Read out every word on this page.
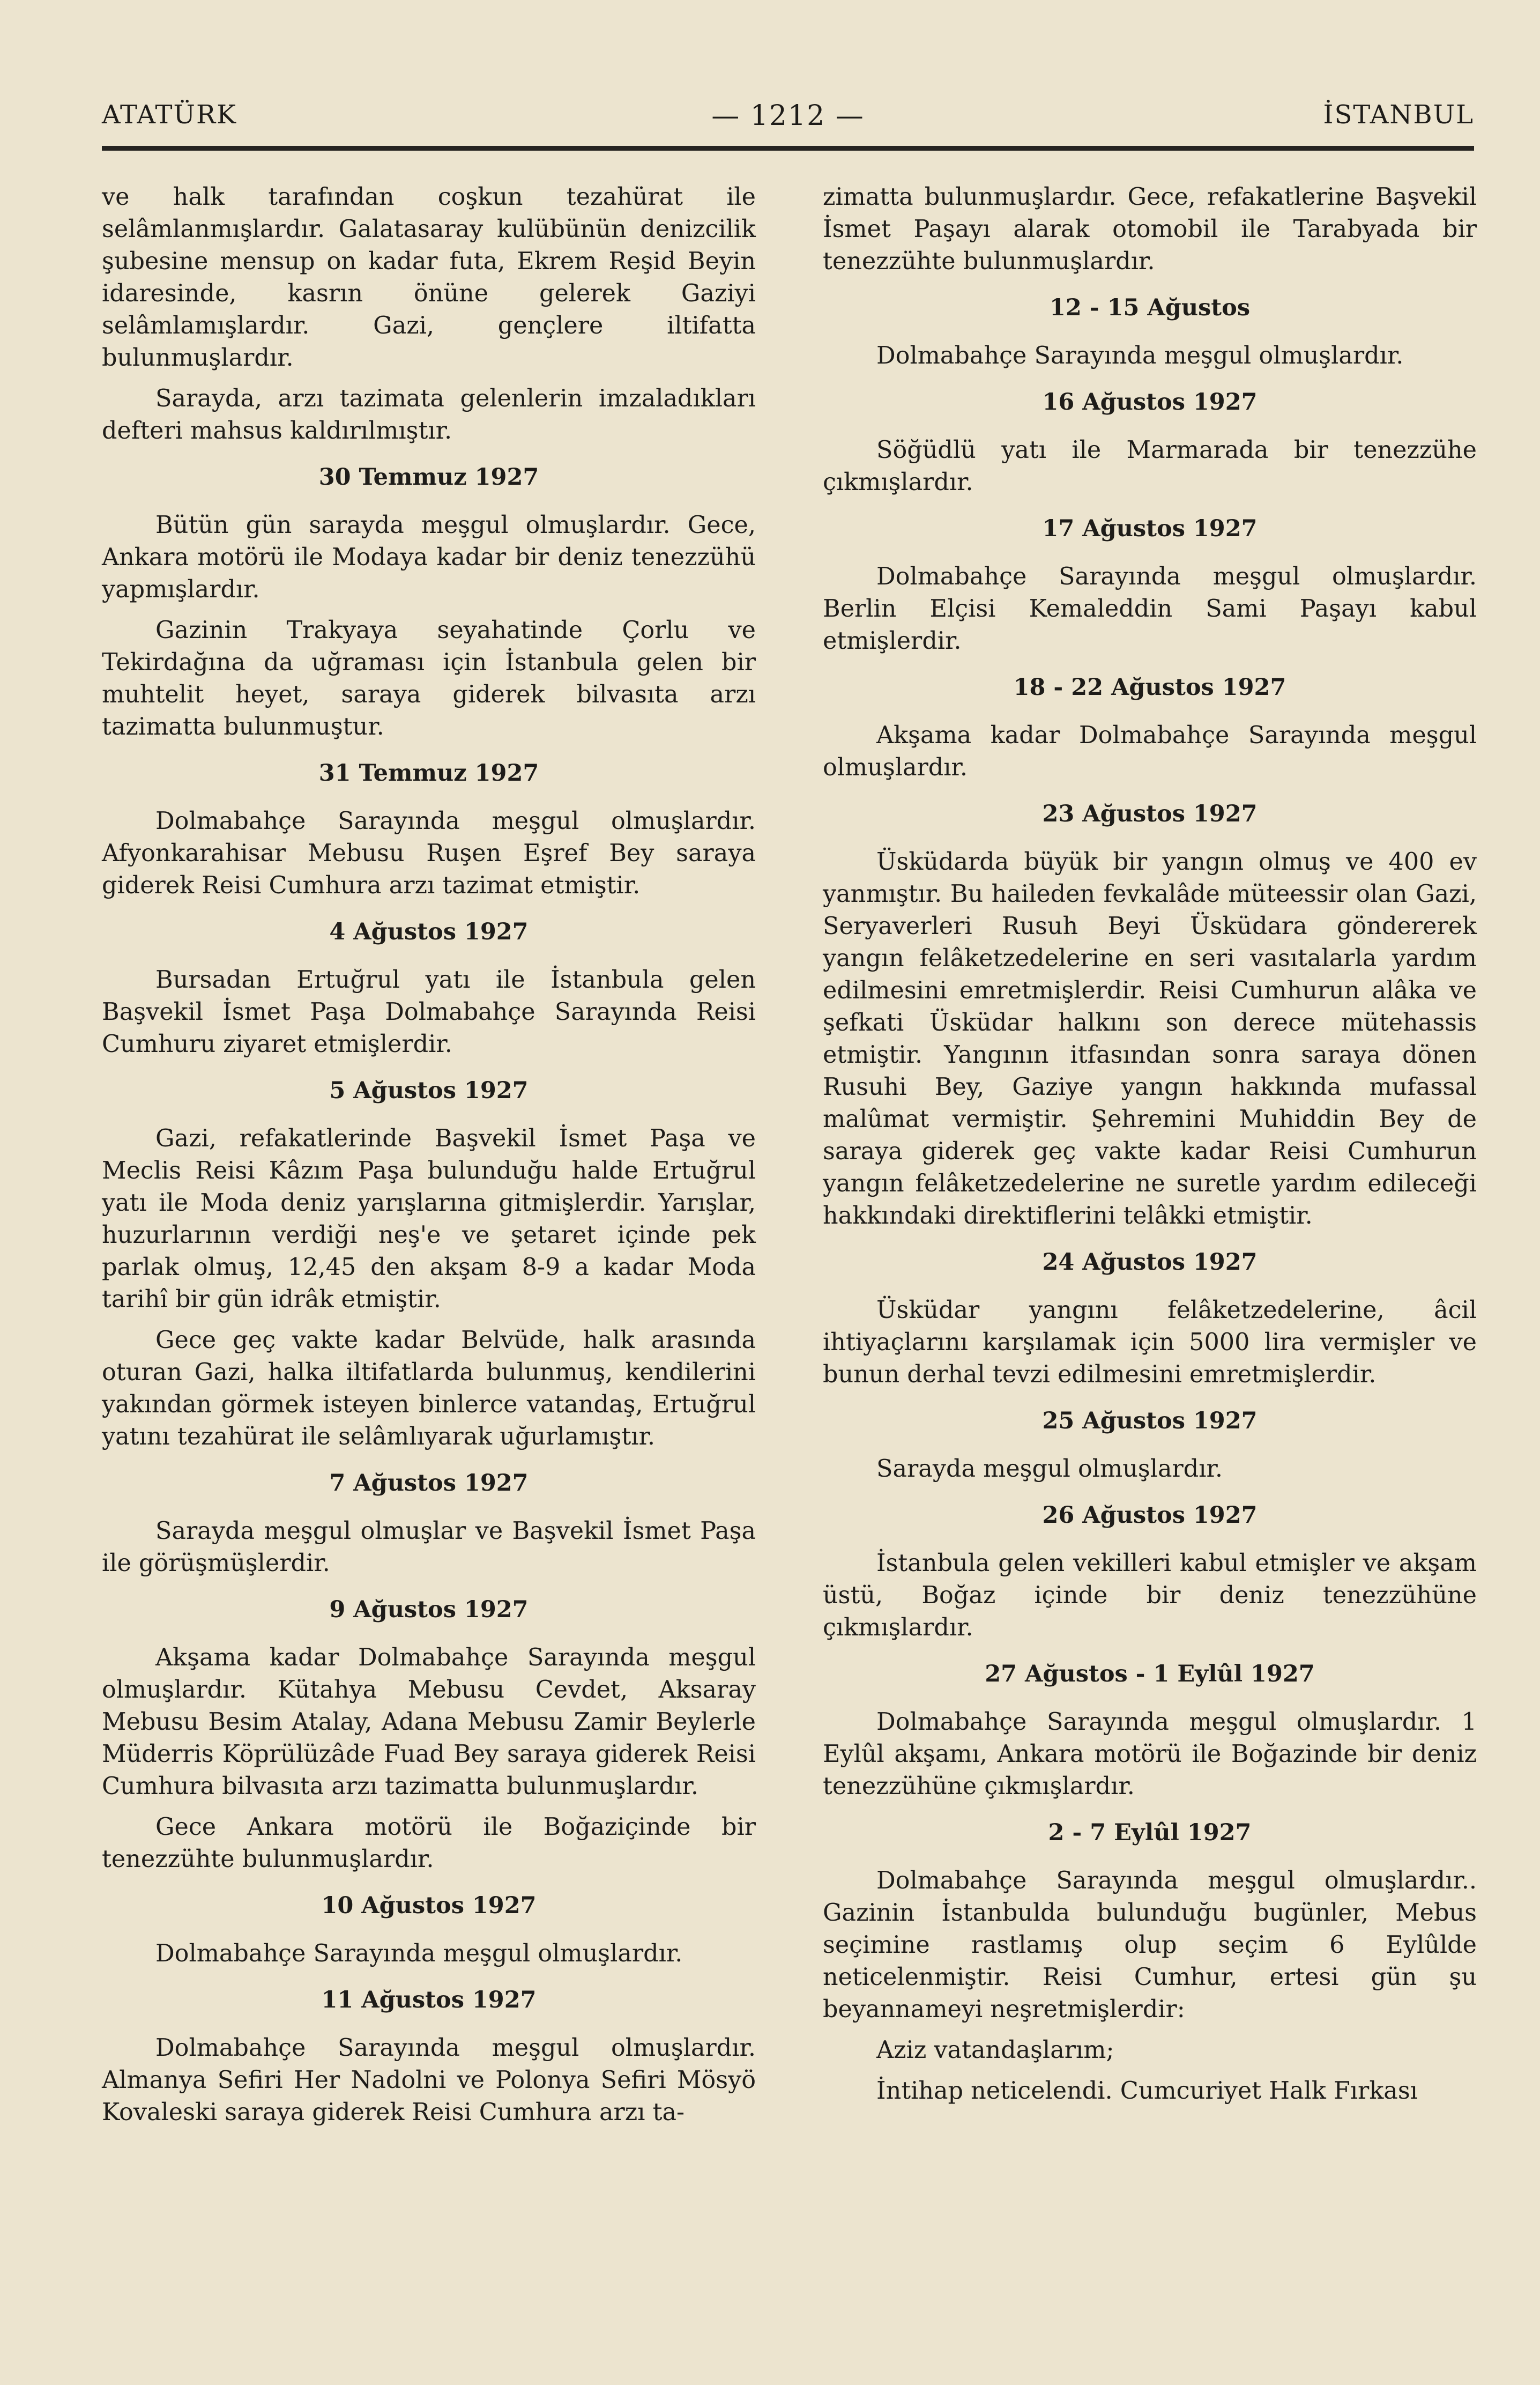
ATATÜRK	— 1212 —	İSTANBUL

ve halk tarafından coşkun tezahürat ile selâmlanmışlardır. Galatasaray kulübünün denizcilik şubesine mensup on kadar futa, Ekrem Reşid Beyin idaresinde, kasrın önüne gelerek Gaziyi selâmlamışlardır. Gazi, gençlere iltifatta bulunmuşlardır.

Sarayda, arzı tazimata gelenlerin imzaladıkları defteri mahsus kaldırılmıştır.

30 Temmuz 1927

Bütün gün sarayda meşgul olmuşlardır. Gece, Ankara motörü ile Modaya kadar bir deniz tenezzühü yapmışlardır.

Gazinin Trakyaya seyahatinde Çorlu ve Tekirdağına da uğraması için İstanbula gelen bir muhtelit heyet, saraya giderek bilvasıta arzı tazimatta bulunmuştur.

31 Temmuz 1927

Dolmabahçe Sarayında meşgul olmuşlardır. Afyonkarahisar Mebusu Ruşen Eşref Bey saraya giderek Reisi Cumhura arzı tazimat etmiştir.

4 Ağustos 1927

Bursadan Ertuğrul yatı ile İstanbula gelen Başvekil İsmet Paşa Dolmabahçe Sarayında Reisi Cumhuru ziyaret etmişlerdir.

5 Ağustos 1927

Gazi, refakatlerinde Başvekil İsmet Paşa ve Meclis Reisi Kâzım Paşa bulunduğu halde Ertuğrul yatı ile Moda deniz yarışlarına gitmişlerdir. Yarışlar, huzurlarının verdiği neş'e ve şetaret içinde pek parlak olmuş, 12,45 den akşam 8-9 a kadar Moda tarihî bir gün idrâk etmiştir.

Gece geç vakte kadar Belvüde, halk arasında oturan Gazi, halka iltifatlarda bulunmuş, kendilerini yakından görmek isteyen binlerce vatandaş, Ertuğrul yatını tezahürat ile selâmlıyarak uğurlamıştır.

7 Ağustos 1927

Sarayda meşgul olmuşlar ve Başvekil İsmet Paşa ile görüşmüşlerdir.

9 Ağustos 1927

Akşama kadar Dolmabahçe Sarayında meşgul olmuşlardır. Kütahya Mebusu Cevdet, Aksaray Mebusu Besim Atalay, Adana Mebusu Zamir Beylerle Müderris Köprülüzâde Fuad Bey saraya giderek Reisi Cumhura bilvasıta arzı tazimatta bulunmuşlardır.

Gece Ankara motörü ile Boğaziçinde bir tenezzühte bulunmuşlardır.

10 Ağustos 1927

Dolmabahçe Sarayında meşgul olmuşlardır.

11 Ağustos 1927

Dolmabahçe Sarayında meşgul olmuşlardır. Almanya Sefiri Her Nadolni ve Polonya Sefiri Mösyö Kovaleski saraya giderek Reisi Cumhura arzı ta-

zimatta bulunmuşlardır. Gece, refakatlerine Başvekil İsmet Paşayı alarak otomobil ile Tarabyada bir tenezzühte bulunmuşlardır.

12 - 15 Ağustos

Dolmabahçe Sarayında meşgul olmuşlardır.

16 Ağustos 1927

Söğüdlü yatı ile Marmarada bir tenezzühe çıkmışlardır.

17 Ağustos 1927

Dolmabahçe Sarayında meşgul olmuşlardır. Berlin Elçisi Kemaleddin Sami Paşayı kabul etmişlerdir.

18 - 22 Ağustos 1927

Akşama kadar Dolmabahçe Sarayında meşgul olmuşlardır.

23 Ağustos 1927

Üsküdarda büyük bir yangın olmuş ve 400 ev yanmıştır. Bu haileden fevkalâde müteessir olan Gazi, Seryaverleri Rusuh Beyi Üsküdara göndererek yangın felâketzedelerine en seri vasıtalarla yardım edilmesini emretmişlerdir. Reisi Cumhurun alâka ve şefkati Üsküdar halkını son derece mütehassis etmiştir. Yangının itfasından sonra saraya dönen Rusuhi Bey, Gaziye yangın hakkında mufassal malûmat vermiştir. Şehremini Muhiddin Bey de saraya giderek geç vakte kadar Reisi Cumhurun yangın felâketzedelerine ne suretle yardım edileceği hakkındaki direktiflerini telâkki etmiştir.

24 Ağustos 1927

Üsküdar yangını felâketzedelerine, âcil ihtiyaçlarını karşılamak için 5000 lira vermişler ve bunun derhal tevzi edilmesini emretmişlerdir.

25 Ağustos 1927

Sarayda meşgul olmuşlardır.

26 Ağustos 1927

İstanbula gelen vekilleri kabul etmişler ve akşam üstü, Boğaz içinde bir deniz tenezzühüne çıkmışlardır.

27 Ağustos - 1 Eylûl 1927

Dolmabahçe Sarayında meşgul olmuşlardır. 1 Eylûl akşamı, Ankara motörü ile Boğazinde bir deniz tenezzühüne çıkmışlardır.

2 - 7 Eylûl 1927

Dolmabahçe Sarayında meşgul olmuşlardır.. Gazinin İstanbulda bulunduğu bugünler, Mebus seçimine rastlamış olup seçim 6 Eylûlde neticelenmiştir. Reisi Cumhur, ertesi gün şu beyannameyi neşretmişlerdir:

Aziz vatandaşlarım;

İntihap neticelendi. Cumcuriyet Halk Fırkası
